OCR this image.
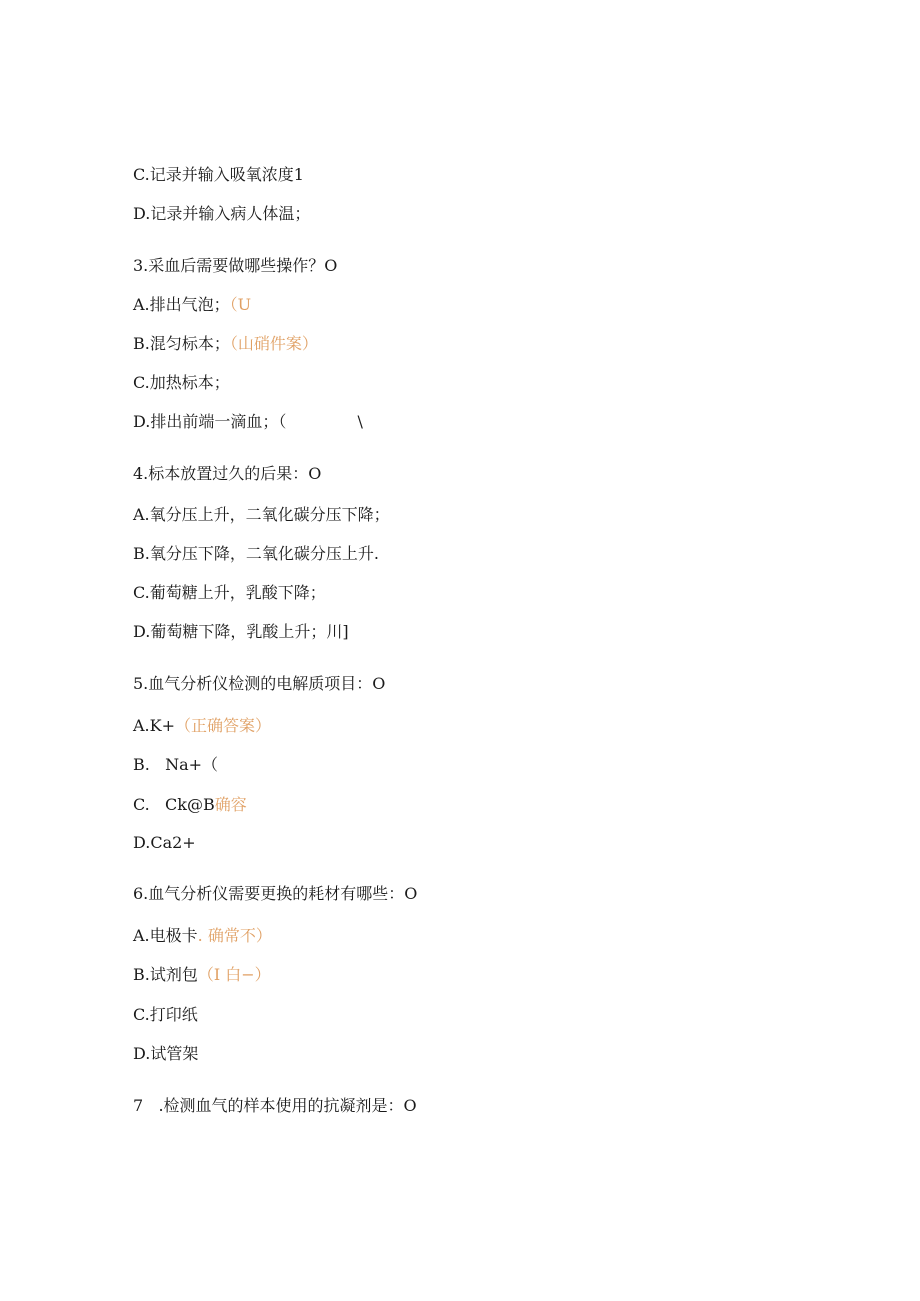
C.记录并输入吸氧浓度1
D.记录并输入病人体温；
3.采血后需要做哪些操作？O
A.排出气泡；（U
B.混匀标本；（山硝件案）
C.加热标本；
D.排出前端一滴血；（              \
4.标本放置过久的后果：O
A.氧分压上升，二氧化碳分压下降；
B.氧分压下降，二氧化碳分压上升.
C.葡萄糖上升，乳酸下降；
D.葡萄糖下降，乳酸上升；川]
5.血气分析仪检测的电解质项目：O
A.K+（正确答案）
B.   Na+（
C.   Ck@B确容
D.Ca2+
6.血气分析仪需要更换的耗材有哪些：O
A.电极卡. 确常不）
B.试剂包（I 白−）
C.打印纸
D.试管架
7   .检测血气的样本使用的抗凝剂是：O
